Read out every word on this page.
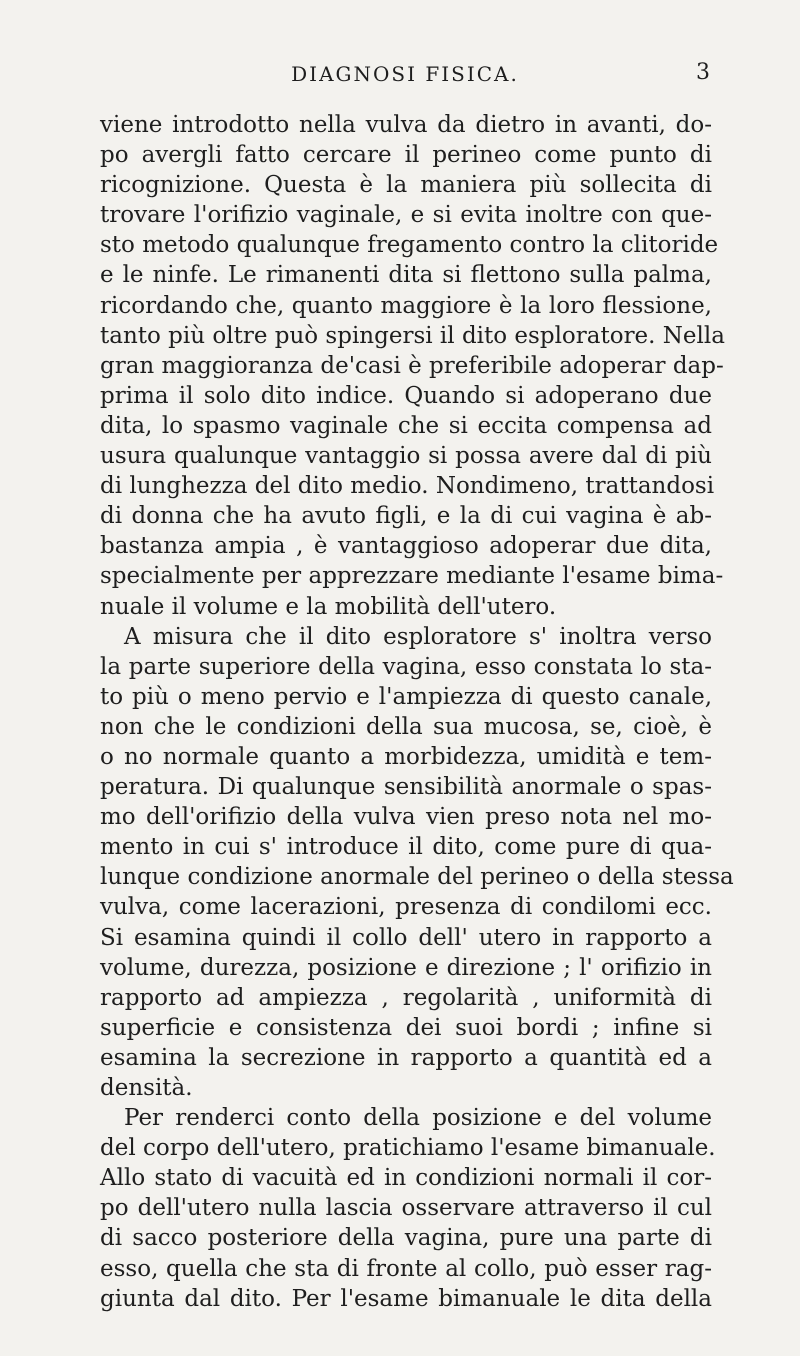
DIAGNOSI FISICA.	3
viene introdotto nella vulva da dietro in avanti, do-
po avergli fatto cercare il perineo come punto di
ricognizione. Questa è la maniera più sollecita di
trovare l'orifizio vaginale, e si evita inoltre con que-
sto metodo qualunque fregamento contro la clitoride
e le ninfe. Le rimanenti dita si flettono sulla palma,
ricordando che, quanto maggiore è la loro flessione,
tanto più oltre può spingersi il dito esploratore. Nella
gran maggioranza de'casi è preferibile adoperar dap-
prima il solo dito indice. Quando si adoperano due
dita, lo spasmo vaginale che si eccita compensa ad
usura qualunque vantaggio si possa avere dal di più
di lunghezza del dito medio. Nondimeno, trattandosi
di donna che ha avuto figli, e la di cui vagina è ab-
bastanza ampia , è vantaggioso adoperar due dita,
specialmente per apprezzare mediante l'esame bima-
nuale il volume e la mobilità dell'utero.
A misura che il dito esploratore s' inoltra verso
la parte superiore della vagina, esso constata lo sta-
to più o meno pervio e l'ampiezza di questo canale,
non che le condizioni della sua mucosa, se, cioè, è
o no normale quanto a morbidezza, umidità e tem-
peratura. Di qualunque sensibilità anormale o spas-
mo dell'orifizio della vulva vien preso nota nel mo-
mento in cui s' introduce il dito, come pure di qua-
lunque condizione anormale del perineo o della stessa
vulva, come lacerazioni, presenza di condilomi ecc.
Si esamina quindi il collo dell' utero in rapporto a
volume, durezza, posizione e direzione ; l' orifizio in
rapporto ad ampiezza , regolarità , uniformità di
superficie e consistenza dei suoi bordi ; infine si
esamina la secrezione in rapporto a quantità ed a
densità.
Per renderci conto della posizione e del volume
del corpo dell'utero, pratichiamo l'esame bimanuale.
Allo stato di vacuità ed in condizioni normali il cor-
po dell'utero nulla lascia osservare attraverso il cul
di sacco posteriore della vagina, pure una parte di
esso, quella che sta di fronte al collo, può esser rag-
giunta dal dito. Per l'esame bimanuale le dita della
